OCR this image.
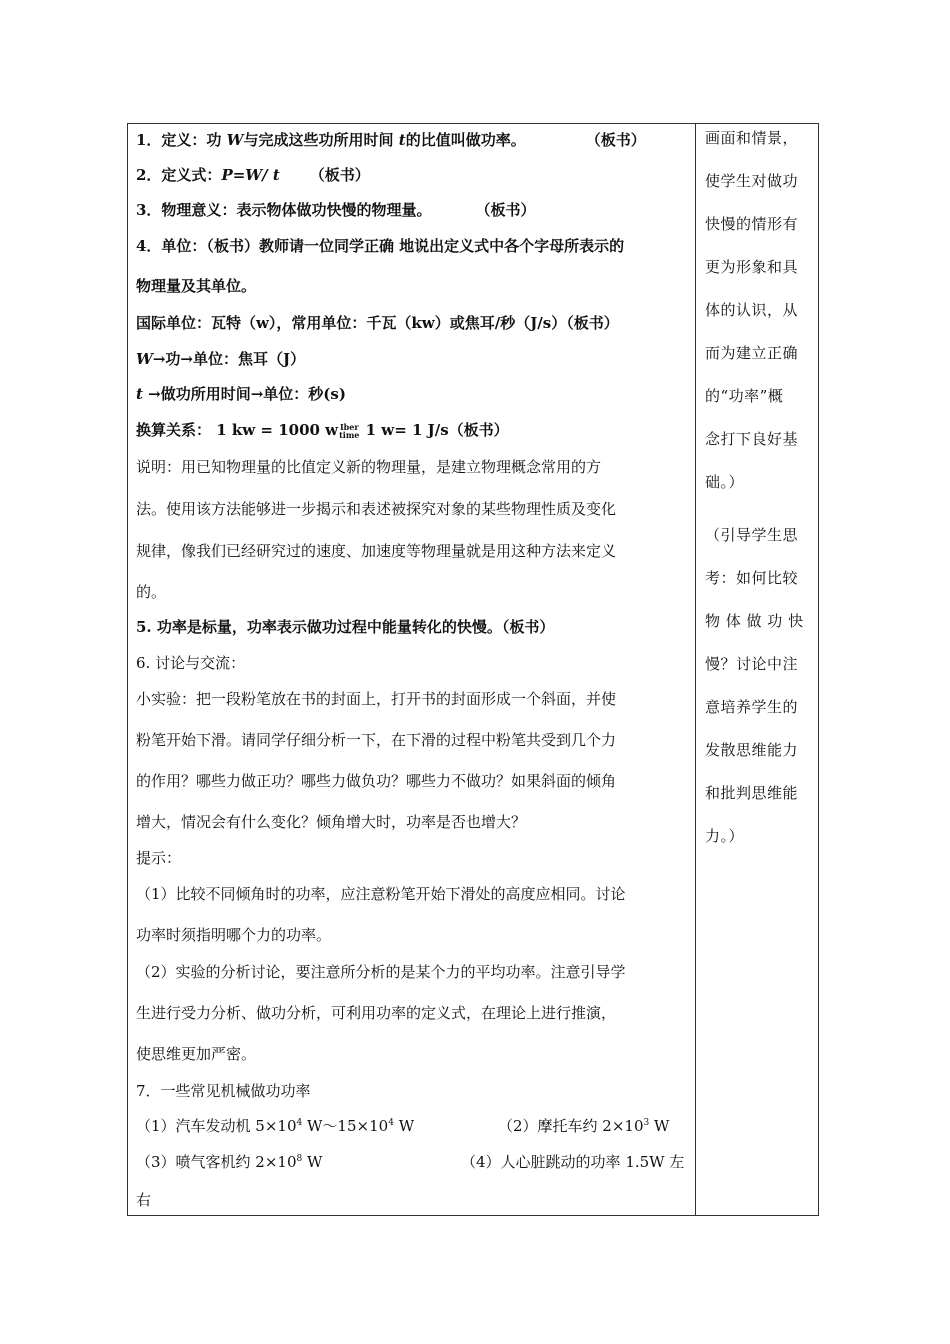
1．定义：功 W与完成这些功所用时间 t的比值叫做功率。	（板书）
2．定义式：P=W/ t （板书）
3．物理意义：表示物体做功快慢的物理量。	（板书）
4．单位：（板书）教师请一位同学正确 地说出定义式中各个字母所表示的
物理量及其单位。
国际单位：瓦特（w），常用单位：千瓦（kw）或焦耳/秒（J/s）（板书）
W→功→单位：焦耳（J）
t →做功所用时间→单位：秒(s)
换算关系： 1 kw = 1000 w Iber
time 1 w= 1 J/s（板书）
说明：用已知物理量的比值定义新的物理量，是建立物理概念常用的方
法。使用该方法能够进一步揭示和表述被探究对象的某些物理性质及变化
规律，像我们已经研究过的速度、加速度等物理量就是用这种方法来定义
的。
5. 功率是标量，功率表示做功过程中能量转化的快慢。（板书）
6. 讨论与交流：
小实验：把一段粉笔放在书的封面上，打开书的封面形成一个斜面，并使
粉笔开始下滑。请同学仔细分析一下，在下滑的过程中粉笔共受到几个力
的作用？哪些力做正功？哪些力做负功？哪些力不做功？如果斜面的倾角
增大，情况会有什么变化？倾角增大时，功率是否也增大？
提示：
（1）比较不同倾角时的功率，应注意粉笔开始下滑处的高度应相同。讨论
功率时须指明哪个力的功率。
（2）实验的分析讨论，要注意所分析的是某个力的平均功率。注意引导学
生进行受力分析、做功分析，可利用功率的定义式，在理论上进行推演，
使思维更加严密。
7．一些常见机械做功功率
（1）汽车发动机 $5\times 10^4$ $W\sim 15\times 10^4$ W	（2）摩托车约 $2\times 10^3$ W
（3）喷气客机约 $2\times 10^8$ W	（4）人心脏跳动的功率 1.5W 左
右
画面和情景，
使学生对做功
快慢的情形有
更为形象和具
体的认识，从
而为建立正确
的“功率”概
念打下良好基
础。）
（引导学生思
考：如何比较
物 体 做 功 快
慢？讨论中注
意培养学生的
发散思维能力
和批判思维能
力。）
